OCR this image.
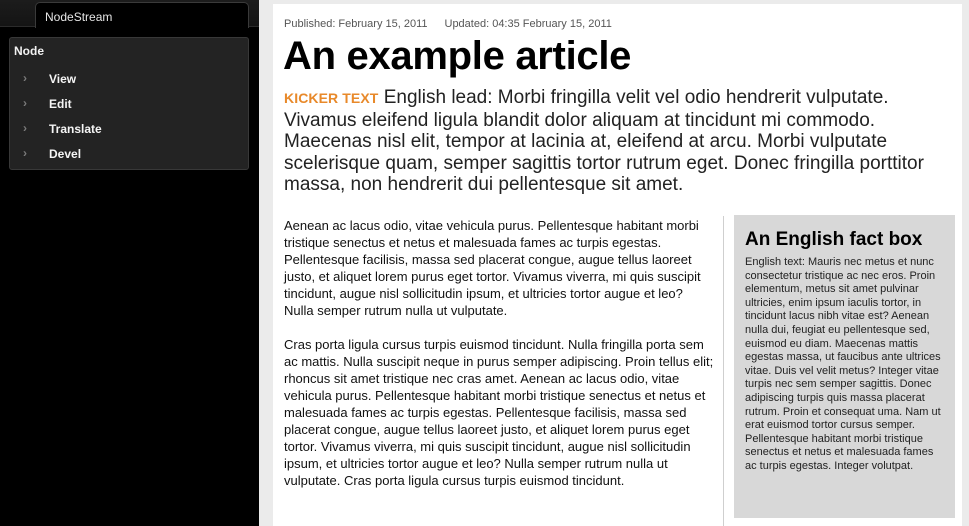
NodeStream
Node
› View
› Edit
› Translate
› Devel
Published: February 15, 2011 Updated: 04:35 February 15, 2011
An example article
KICKER TEXT English lead: Morbi fringilla velit vel odio hendrerit vulputate. Vivamus eleifend ligula blandit dolor aliquam at tincidunt mi commodo. Maecenas nisl elit, tempor at lacinia at, eleifend at arcu. Morbi vulputate scelerisque quam, semper sagittis tortor rutrum eget. Donec fringilla porttitor massa, non hendrerit dui pellentesque sit amet.

Aenean ac lacus odio, vitae vehicula purus. Pellentesque habitant morbi tristique senectus et netus et malesuada fames ac turpis egestas. Pellentesque facilisis, massa sed placerat congue, augue tellus laoreet justo, et aliquet lorem purus eget tortor. Vivamus viverra, mi quis suscipit tincidunt, augue nisl sollicitudin ipsum, et ultricies tortor augue et leo? Nulla semper rutrum nulla ut vulputate.

Cras porta ligula cursus turpis euismod tincidunt. Nulla fringilla porta sem ac mattis. Nulla suscipit neque in purus semper adipiscing. Proin tellus elit; rhoncus sit amet tristique nec cras amet. Aenean ac lacus odio, vitae vehicula purus. Pellentesque habitant morbi tristique senectus et netus et malesuada fames ac turpis egestas. Pellentesque facilisis, massa sed placerat congue, augue tellus laoreet justo, et aliquet lorem purus eget tortor. Vivamus viverra, mi quis suscipit tincidunt, augue nisl sollicitudin ipsum, et ultricies tortor augue et leo? Nulla semper rutrum nulla ut vulputate. Cras porta ligula cursus turpis euismod tincidunt.

An English fact box

English text: Mauris nec metus et nunc consectetur tristique ac nec eros. Proin elementum, metus sit amet pulvinar ultricies, enim ipsum iaculis tortor, in tincidunt lacus nibh vitae est? Aenean nulla dui, feugiat eu pellentesque sed, euismod eu diam. Maecenas mattis egestas massa, ut faucibus ante ultrices vitae. Duis vel velit metus? Integer vitae turpis nec sem semper sagittis. Donec adipiscing turpis quis massa placerat rutrum. Proin et consequat uma. Nam ut erat euismod tortor cursus semper. Pellentesque habitant morbi tristique senectus et netus et malesuada fames ac turpis egestas. Integer volutpat.
